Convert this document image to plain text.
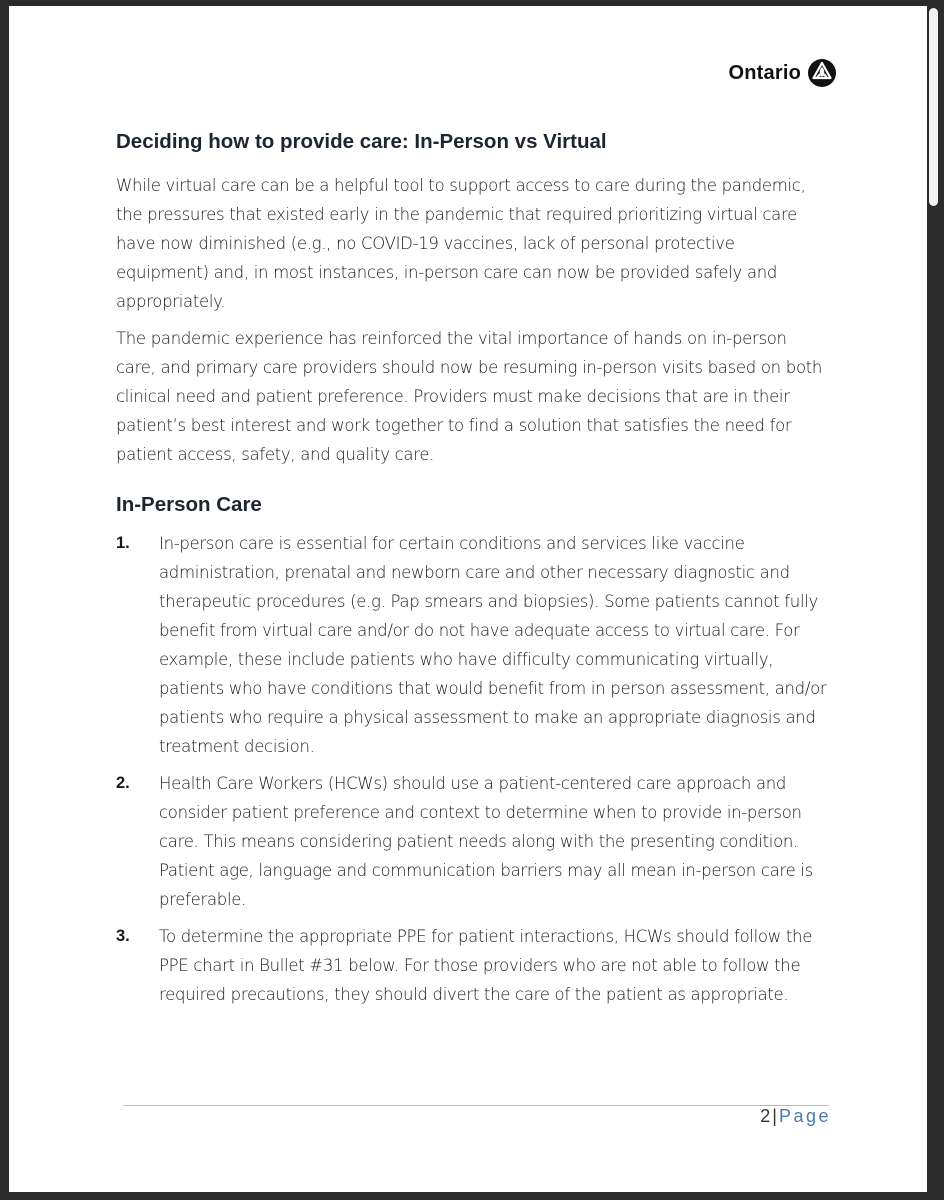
Ontario
Deciding how to provide care: In-Person vs Virtual

While virtual care can be a helpful tool to support access to care during the pandemic, the pressures that existed early in the pandemic that required prioritizing virtual care have now diminished (e.g., no COVID-19 vaccines, lack of personal protective equipment) and, in most instances, in-person care can now be provided safely and appropriately.

The pandemic experience has reinforced the vital importance of hands on in-person care, and primary care providers should now be resuming in-person visits based on both clinical need and patient preference. Providers must make decisions that are in their patient’s best interest and work together to find a solution that satisfies the need for patient access, safety, and quality care.

In-Person Care
1. In-person care is essential for certain conditions and services like vaccine administration, prenatal and newborn care and other necessary diagnostic and therapeutic procedures (e.g. Pap smears and biopsies). Some patients cannot fully benefit from virtual care and/or do not have adequate access to virtual care. For example, these include patients who have difficulty communicating virtually, patients who have conditions that would benefit from in person assessment, and/or patients who require a physical assessment to make an appropriate diagnosis and treatment decision.
2. Health Care Workers (HCWs) should use a patient-centered care approach and consider patient preference and context to determine when to provide in-person care. This means considering patient needs along with the presenting condition. Patient age, language and communication barriers may all mean in-person care is preferable.
3. To determine the appropriate PPE for patient interactions, HCWs should follow the PPE chart in Bullet #31 below. For those providers who are not able to follow the required precautions, they should divert the care of the patient as appropriate.
2 | Page
